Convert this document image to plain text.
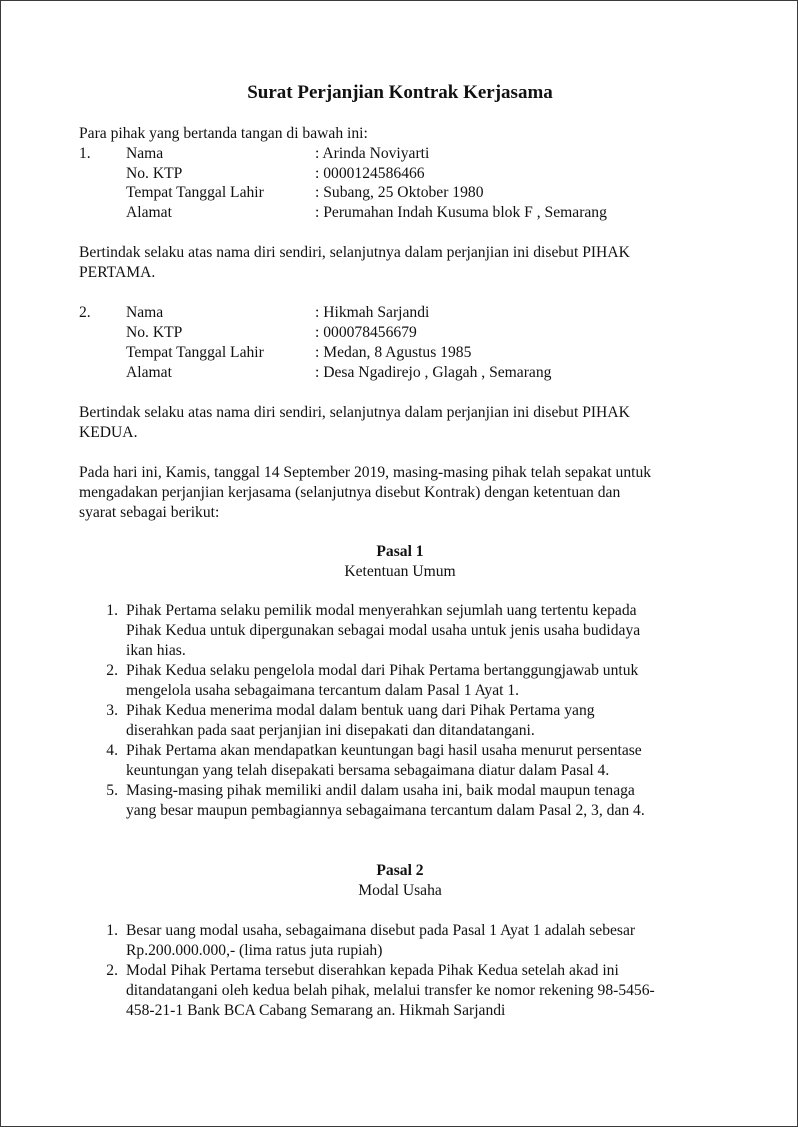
Surat Perjanjian Kontrak Kerjasama
Para pihak yang bertanda tangan di bawah ini:
1. Nama	: Arinda Noviyarti
No. KTP	: 0000124586466
Tempat Tanggal Lahir	: Subang, 25 Oktober 1980
Alamat	: Perumahan Indah Kusuma blok F , Semarang
Bertindak selaku atas nama diri sendiri, selanjutnya dalam perjanjian ini disebut PIHAK
PERTAMA.
2. Nama	: Hikmah Sarjandi
No. KTP	: 000078456679
Tempat Tanggal Lahir	: Medan, 8 Agustus 1985
Alamat	: Desa Ngadirejo , Glagah , Semarang
Bertindak selaku atas nama diri sendiri, selanjutnya dalam perjanjian ini disebut PIHAK
KEDUA.
Pada hari ini, Kamis, tanggal 14 September 2019, masing-masing pihak telah sepakat untuk
mengadakan perjanjian kerjasama (selanjutnya disebut Kontrak) dengan ketentuan dan
syarat sebagai berikut:
Pasal 1
Ketentuan Umum
1. Pihak Pertama selaku pemilik modal menyerahkan sejumlah uang tertentu kepada
Pihak Kedua untuk dipergunakan sebagai modal usaha untuk jenis usaha budidaya
ikan hias.
2. Pihak Kedua selaku pengelola modal dari Pihak Pertama bertanggungjawab untuk
mengelola usaha sebagaimana tercantum dalam Pasal 1 Ayat 1.
3. Pihak Kedua menerima modal dalam bentuk uang dari Pihak Pertama yang
diserahkan pada saat perjanjian ini disepakati dan ditandatangani.
4. Pihak Pertama akan mendapatkan keuntungan bagi hasil usaha menurut persentase
keuntungan yang telah disepakati bersama sebagaimana diatur dalam Pasal 4.
5. Masing-masing pihak memiliki andil dalam usaha ini, baik modal maupun tenaga
yang besar maupun pembagiannya sebagaimana tercantum dalam Pasal 2, 3, dan 4.
Pasal 2
Modal Usaha
1. Besar uang modal usaha, sebagaimana disebut pada Pasal 1 Ayat 1 adalah sebesar
Rp.200.000.000,- (lima ratus juta rupiah)
2. Modal Pihak Pertama tersebut diserahkan kepada Pihak Kedua setelah akad ini
ditandatangani oleh kedua belah pihak, melalui transfer ke nomor rekening 98-5456-
458-21-1 Bank BCA Cabang Semarang an. Hikmah Sarjandi
